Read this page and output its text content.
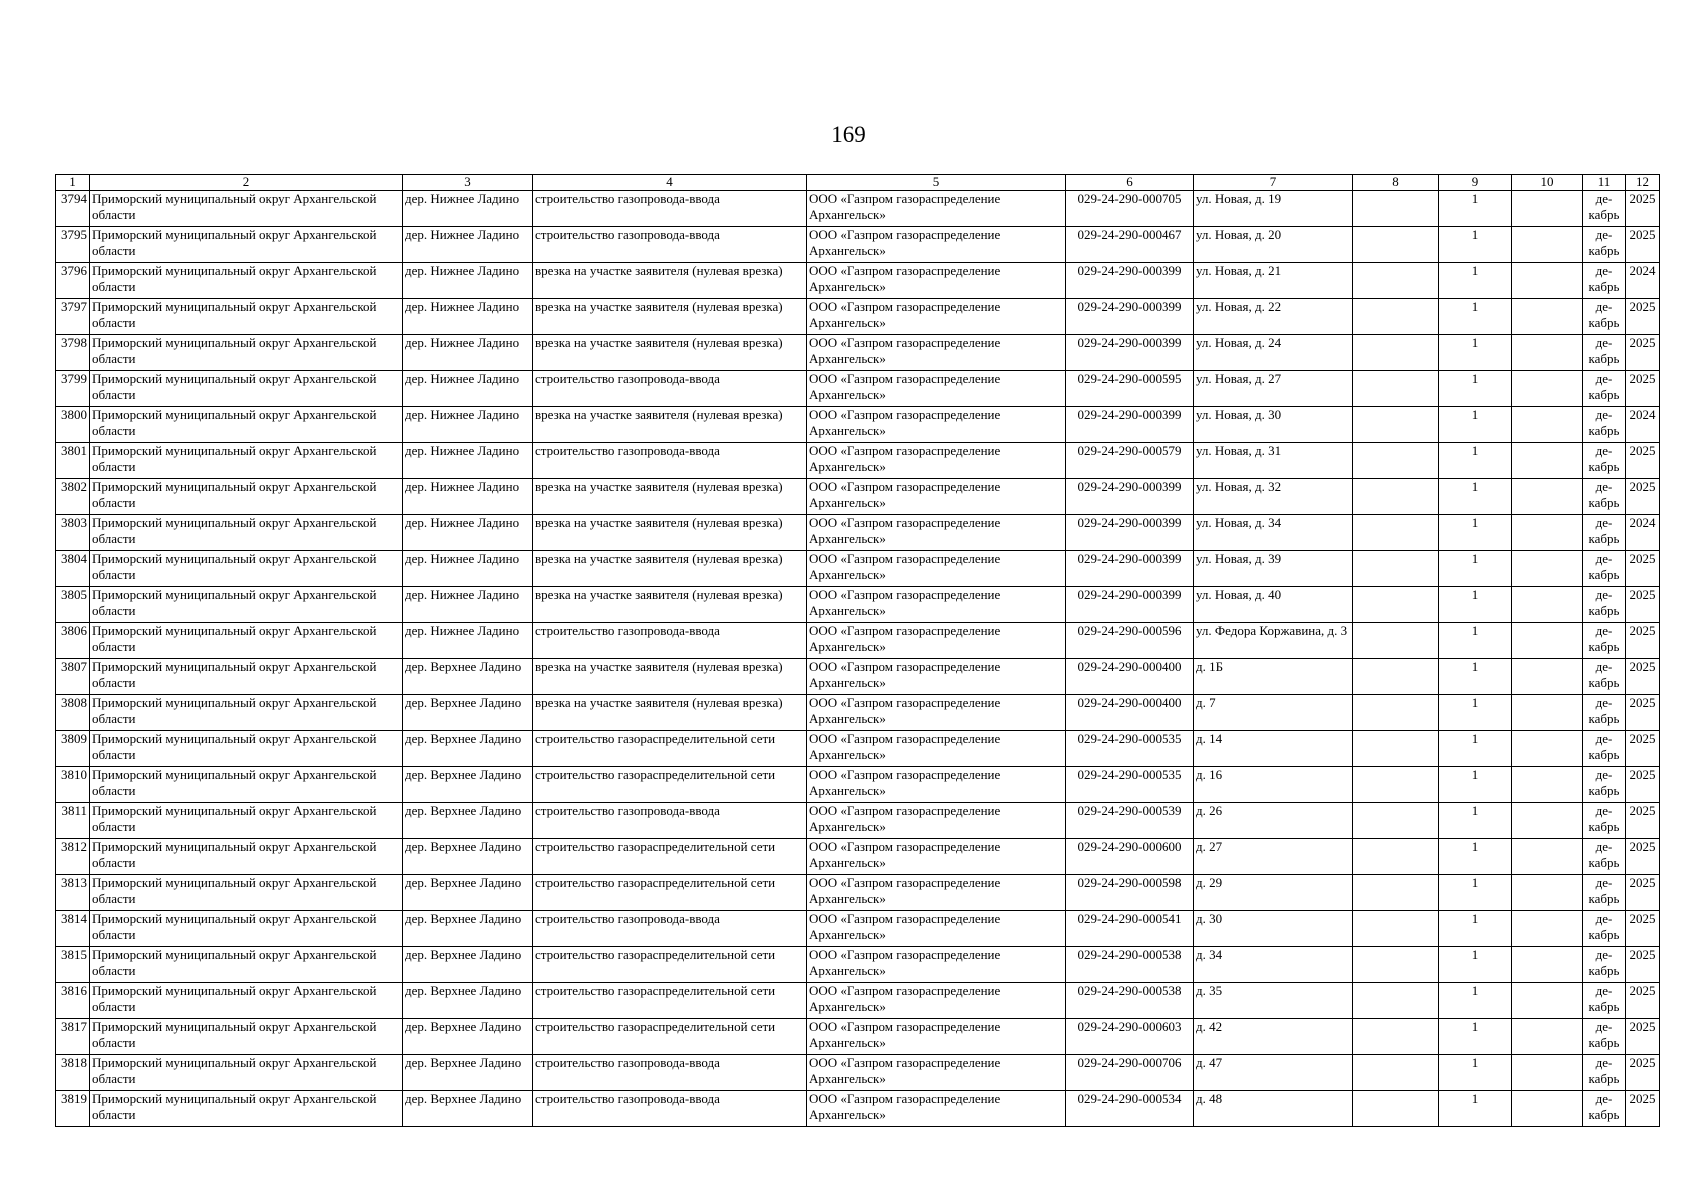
169
1	2	3	4	5	6	7	8	9	10	11	12
3794	Приморский муниципальный округ Архангельской области	дер. Нижнее Ладино	строительство газопровода-ввода	ООО «Газпром газораспределение Архангельск»	029-24-290-000705	ул. Новая, д. 19		1		де-кабрь	2025
3795	Приморский муниципальный округ Архангельской области	дер. Нижнее Ладино	строительство газопровода-ввода	ООО «Газпром газораспределение Архангельск»	029-24-290-000467	ул. Новая, д. 20		1		де-кабрь	2025
3796	Приморский муниципальный округ Архангельской области	дер. Нижнее Ладино	врезка на участке заявителя (нулевая врезка)	ООО «Газпром газораспределение Архангельск»	029-24-290-000399	ул. Новая, д. 21		1		де-кабрь	2024
3797	Приморский муниципальный округ Архангельской области	дер. Нижнее Ладино	врезка на участке заявителя (нулевая врезка)	ООО «Газпром газораспределение Архангельск»	029-24-290-000399	ул. Новая, д. 22		1		де-кабрь	2025
3798	Приморский муниципальный округ Архангельской области	дер. Нижнее Ладино	врезка на участке заявителя (нулевая врезка)	ООО «Газпром газораспределение Архангельск»	029-24-290-000399	ул. Новая, д. 24		1		де-кабрь	2025
3799	Приморский муниципальный округ Архангельской области	дер. Нижнее Ладино	строительство газопровода-ввода	ООО «Газпром газораспределение Архангельск»	029-24-290-000595	ул. Новая, д. 27		1		де-кабрь	2025
3800	Приморский муниципальный округ Архангельской области	дер. Нижнее Ладино	врезка на участке заявителя (нулевая врезка)	ООО «Газпром газораспределение Архангельск»	029-24-290-000399	ул. Новая, д. 30		1		де-кабрь	2024
3801	Приморский муниципальный округ Архангельской области	дер. Нижнее Ладино	строительство газопровода-ввода	ООО «Газпром газораспределение Архангельск»	029-24-290-000579	ул. Новая, д. 31		1		де-кабрь	2025
3802	Приморский муниципальный округ Архангельской области	дер. Нижнее Ладино	врезка на участке заявителя (нулевая врезка)	ООО «Газпром газораспределение Архангельск»	029-24-290-000399	ул. Новая, д. 32		1		де-кабрь	2025
3803	Приморский муниципальный округ Архангельской области	дер. Нижнее Ладино	врезка на участке заявителя (нулевая врезка)	ООО «Газпром газораспределение Архангельск»	029-24-290-000399	ул. Новая, д. 34		1		де-кабрь	2024
3804	Приморский муниципальный округ Архангельской области	дер. Нижнее Ладино	врезка на участке заявителя (нулевая врезка)	ООО «Газпром газораспределение Архангельск»	029-24-290-000399	ул. Новая, д. 39		1		де-кабрь	2025
3805	Приморский муниципальный округ Архангельской области	дер. Нижнее Ладино	врезка на участке заявителя (нулевая врезка)	ООО «Газпром газораспределение Архангельск»	029-24-290-000399	ул. Новая, д. 40		1		де-кабрь	2025
3806	Приморский муниципальный округ Архангельской области	дер. Нижнее Ладино	строительство газопровода-ввода	ООО «Газпром газораспределение Архангельск»	029-24-290-000596	ул. Федора Коржавина, д. 3		1		де-кабрь	2025
3807	Приморский муниципальный округ Архангельской области	дер. Верхнее Ладино	врезка на участке заявителя (нулевая врезка)	ООО «Газпром газораспределение Архангельск»	029-24-290-000400	д. 1Б		1		де-кабрь	2025
3808	Приморский муниципальный округ Архангельской области	дер. Верхнее Ладино	врезка на участке заявителя (нулевая врезка)	ООО «Газпром газораспределение Архангельск»	029-24-290-000400	д. 7		1		де-кабрь	2025
3809	Приморский муниципальный округ Архангельской области	дер. Верхнее Ладино	строительство газораспределительной сети	ООО «Газпром газораспределение Архангельск»	029-24-290-000535	д. 14		1		де-кабрь	2025
3810	Приморский муниципальный округ Архангельской области	дер. Верхнее Ладино	строительство газораспределительной сети	ООО «Газпром газораспределение Архангельск»	029-24-290-000535	д. 16		1		де-кабрь	2025
3811	Приморский муниципальный округ Архангельской области	дер. Верхнее Ладино	строительство газопровода-ввода	ООО «Газпром газораспределение Архангельск»	029-24-290-000539	д. 26		1		де-кабрь	2025
3812	Приморский муниципальный округ Архангельской области	дер. Верхнее Ладино	строительство газораспределительной сети	ООО «Газпром газораспределение Архангельск»	029-24-290-000600	д. 27		1		де-кабрь	2025
3813	Приморский муниципальный округ Архангельской области	дер. Верхнее Ладино	строительство газораспределительной сети	ООО «Газпром газораспределение Архангельск»	029-24-290-000598	д. 29		1		де-кабрь	2025
3814	Приморский муниципальный округ Архангельской области	дер. Верхнее Ладино	строительство газопровода-ввода	ООО «Газпром газораспределение Архангельск»	029-24-290-000541	д. 30		1		де-кабрь	2025
3815	Приморский муниципальный округ Архангельской области	дер. Верхнее Ладино	строительство газораспределительной сети	ООО «Газпром газораспределение Архангельск»	029-24-290-000538	д. 34		1		де-кабрь	2025
3816	Приморский муниципальный округ Архангельской области	дер. Верхнее Ладино	строительство газораспределительной сети	ООО «Газпром газораспределение Архангельск»	029-24-290-000538	д. 35		1		де-кабрь	2025
3817	Приморский муниципальный округ Архангельской области	дер. Верхнее Ладино	строительство газораспределительной сети	ООО «Газпром газораспределение Архангельск»	029-24-290-000603	д. 42		1		де-кабрь	2025
3818	Приморский муниципальный округ Архангельской области	дер. Верхнее Ладино	строительство газопровода-ввода	ООО «Газпром газораспределение Архангельск»	029-24-290-000706	д. 47		1		де-кабрь	2025
3819	Приморский муниципальный округ Архангельской области	дер. Верхнее Ладино	строительство газопровода-ввода	ООО «Газпром газораспределение Архангельск»	029-24-290-000534	д. 48		1		де-кабрь	2025
